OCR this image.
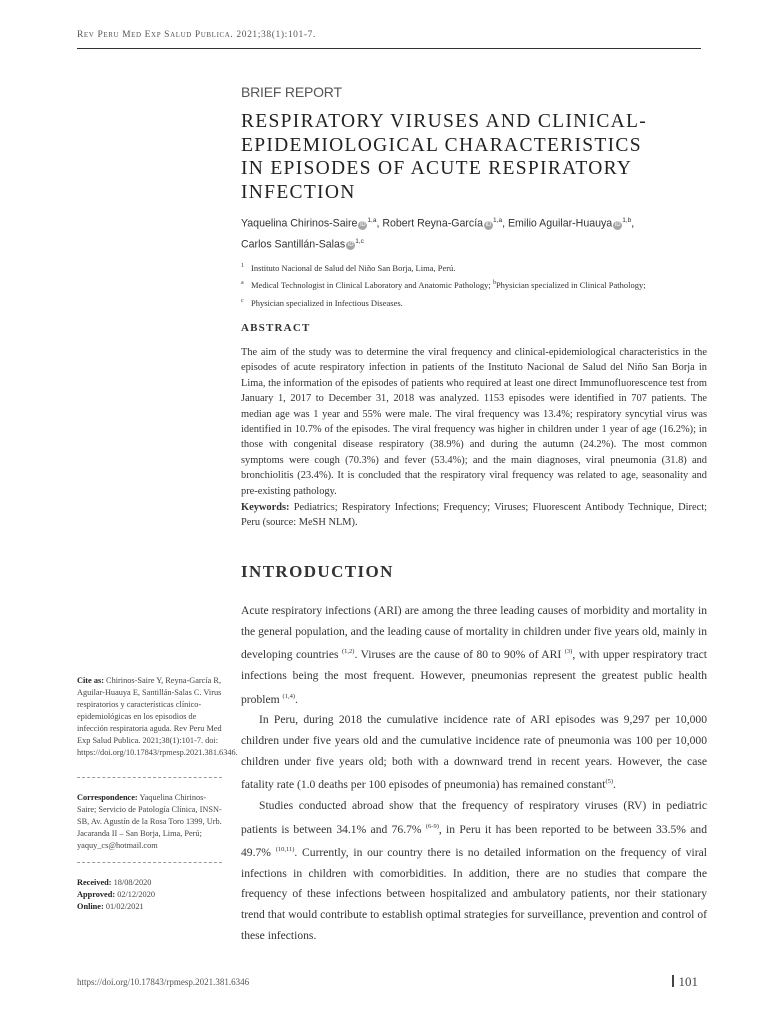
Rev Peru Med Exp Salud Publica. 2021;38(1):101-7.
BRIEF REPORT
RESPIRATORY VIRUSES AND CLINICAL-EPIDEMIOLOGICAL CHARACTERISTICS IN EPISODES OF ACUTE RESPIRATORY INFECTION
Yaquelina Chirinos-Saire iD$^{1,a}$, Robert Reyna-García iD$^{1,a}$, Emilio Aguilar-Huauya iD$^{1,b}$,
Carlos Santillán-Salas iD$^{1,c}$
$^1$ Instituto Nacional de Salud del Niño San Borja, Lima, Perú.
$^a$ Medical Technologist in Clinical Laboratory and Anatomic Pathology; $^b$Physician specialized in Clinical Pathology;
$^c$ Physician specialized in Infectious Diseases.
ABSTRACT
The aim of the study was to determine the viral frequency and clinical-epidemiological characteristics in the episodes of acute respiratory infection in patients of the Instituto Nacional de Salud del Niño San Borja in Lima, the information of the episodes of patients who required at least one direct Immunofluorescence test from January 1, 2017 to December 31, 2018 was analyzed. 1153 episodes were identified in 707 patients. The median age was 1 year and 55% were male. The viral frequency was 13.4%; respiratory syncytial virus was identified in 10.7% of the episodes. The viral frequency was higher in children under 1 year of age (16.2%); in those with congenital disease respiratory (38.9%) and during the autumn (24.2%). The most common symptoms were cough (70.3%) and fever (53.4%); and the main diagnoses, viral pneumonia (31.8) and bronchiolitis (23.4%). It is concluded that the respiratory viral frequency was related to age, seasonality and pre-existing pathology.
Keywords: Pediatrics; Respiratory Infections; Frequency; Viruses; Fluorescent Antibody Technique, Direct; Peru (source: MeSH NLM).
INTRODUCTION

Acute respiratory infections (ARI) are among the three leading causes of morbidity and mortality in the general population, and the leading cause of mortality in children under five years old, mainly in developing countries $^{(1,2)}$. Viruses are the cause of 80 to 90% of ARI $^{(3)}$, with upper respiratory tract infections being the most frequent. However, pneumonias represent the greatest public health problem $^{(1,4)}$.

In Peru, during 2018 the cumulative incidence rate of ARI episodes was 9,297 per 10,000 children under five years old and the cumulative incidence rate of pneumonia was 100 per 10,000 children under five years old; both with a downward trend in recent years. However, the case fatality rate (1.0 deaths per 100 episodes of pneumonia) has remained constant$^{(5)}$.

Studies conducted abroad show that the frequency of respiratory viruses (RV) in pediatric patients is between 34.1% and 76.7% $^{(6-9)}$, in Peru it has been reported to be between 33.5% and 49.7% $^{(10,11)}$. Currently, in our country there is no detailed information on the frequency of viral infections in children with comorbidities. In addition, there are no studies that compare the frequency of these infections between hospitalized and ambulatory patients, nor their stationary trend that would contribute to establish optimal strategies for surveillance, prevention and control of these infections.

Cite as: Chirinos-Saire Y, Reyna-García R, Aguilar-Huauya E, Santillán-Salas C. Virus respiratorios y características clínico-epidemiológicas en los episodios de infección respiratoria aguda. Rev Peru Med Exp Salud Publica. 2021;38(1):101-7. doi: https://doi.org/10.17843/rpmesp.2021.381.6346.
Correspondence: Yaquelina Chirinos-Saire; Servicio de Patología Clínica, INSN-SB, Av. Agustín de la Rosa Toro 1399, Urb. Jacaranda II – San Borja, Lima, Perú; yaquy_cs@hotmail.com
Received: 18/08/2020
Approved: 02/12/2020
Online: 01/02/2021
https://doi.org/10.17843/rpmesp.2021.381.6346	101
